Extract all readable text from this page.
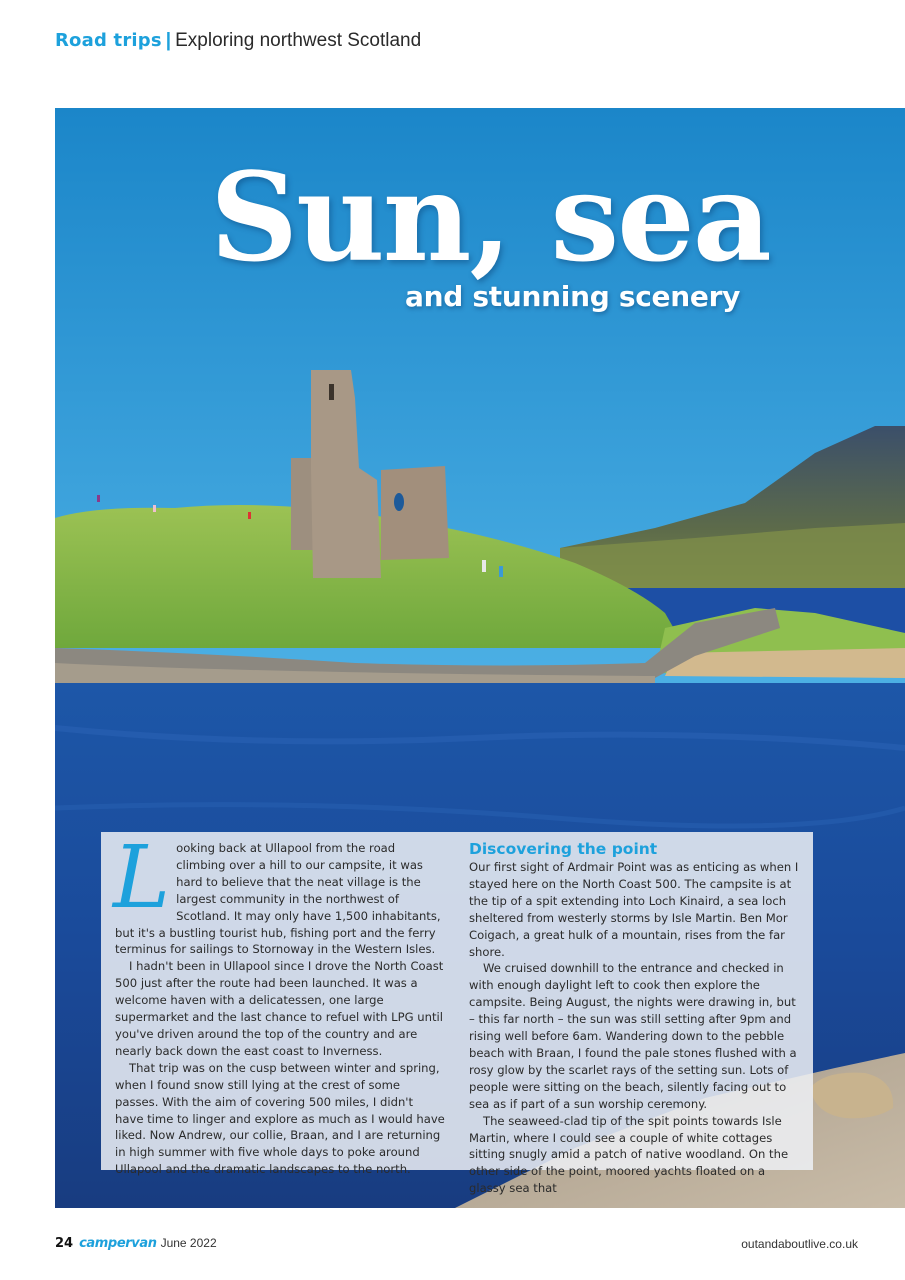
Road trips | Exploring northwest Scotland
Sun, sea
and stunning scenery

Looking back at Ullapool from the road climbing over a hill to our campsite, it was hard to believe that the neat village is the largest community in the northwest of Scotland. It may only have 1,500 inhabitants, but it's a bustling tourist hub, fishing port and the ferry terminus for sailings to Stornoway in the Western Isles.

I hadn't been in Ullapool since I drove the North Coast 500 just after the route had been launched. It was a welcome haven with a delicatessen, one large supermarket and the last chance to refuel with LPG until you've driven around the top of the country and are nearly back down the east coast to Inverness.

That trip was on the cusp between winter and spring, when I found snow still lying at the crest of some passes. With the aim of covering 500 miles, I didn't have time to linger and explore as much as I would have liked. Now Andrew, our collie, Braan, and I are returning in high summer with five whole days to poke around Ullapool and the dramatic landscapes to the north.

Discovering the point

Our first sight of Ardmair Point was as enticing as when I stayed here on the North Coast 500. The campsite is at the tip of a spit extending into Loch Kinaird, a sea loch sheltered from westerly storms by Isle Martin. Ben Mor Coigach, a great hulk of a mountain, rises from the far shore.

We cruised downhill to the entrance and checked in with enough daylight left to cook then explore the campsite. Being August, the nights were drawing in, but – this far north – the sun was still setting after 9pm and rising well before 6am. Wandering down to the pebble beach with Braan, I found the pale stones flushed with a rosy glow by the scarlet rays of the setting sun. Lots of people were sitting on the beach, silently facing out to sea as if part of a sun worship ceremony.

The seaweed-clad tip of the spit points towards Isle Martin, where I could see a couple of white cottages sitting snugly amid a patch of native woodland. On the other side of the point, moored yachts floated on a glassy sea that

24 campervan June 2022	outandaboutlive.co.uk
